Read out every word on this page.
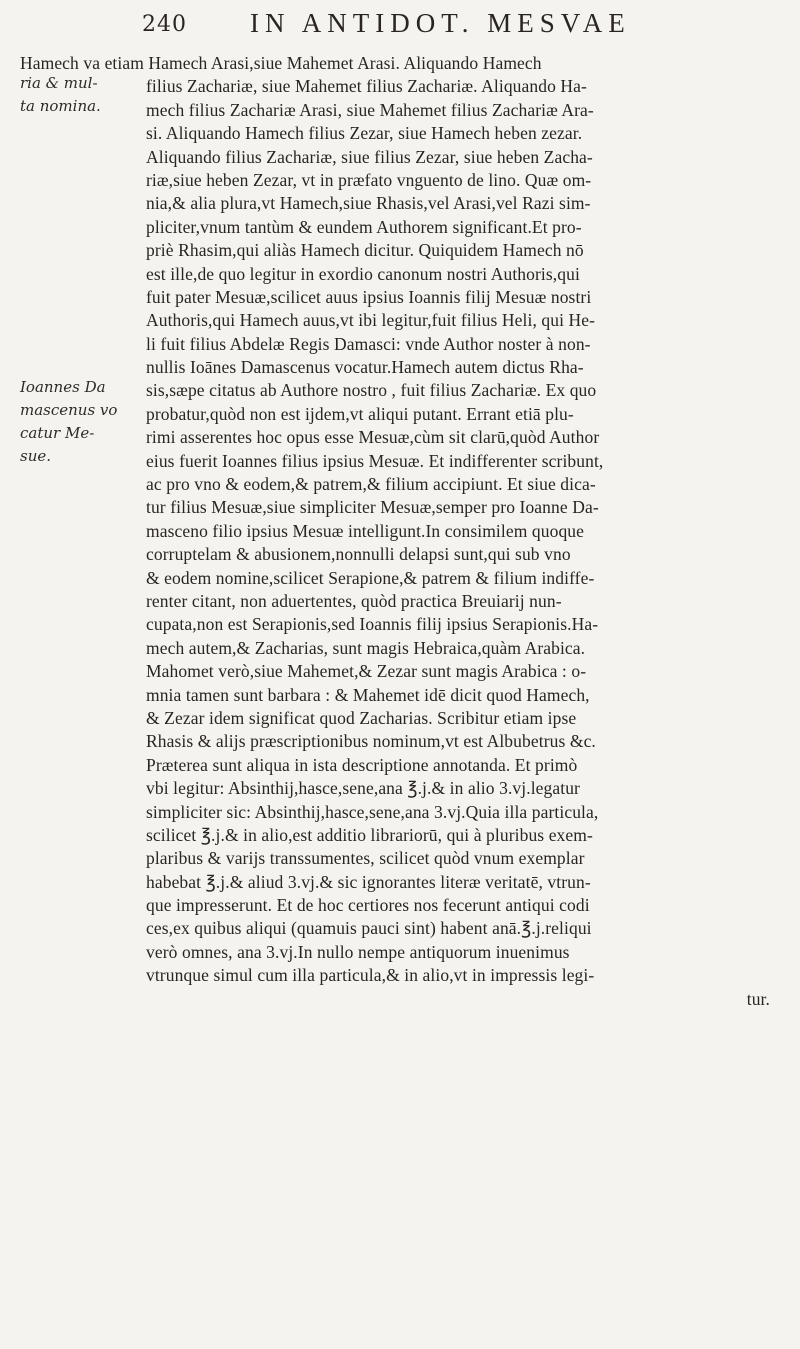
240 IN ANTIDOT. MESVAE
ria & mul-
ta nomina.
Ioannes Da
mascenus vo
catur Me-
sue.
Hamech va etiam Hamech Arasi,siue Mahemet Arasi. Aliquando Hamech
filius Zachariæ, siue Mahemet filius Zachariæ. Aliquando Ha-
mech filius Zachariæ Arasi, siue Mahemet filius Zachariæ Ara-
si. Aliquando Hamech filius Zezar, siue Hamech heben zezar.
Aliquando filius Zachariæ, siue filius Zezar, siue heben Zacha-
riæ,siue heben Zezar, vt in præfato vnguento de lino. Quæ om-
nia,& alia plura,vt Hamech,siue Rhasis,vel Arasi,vel Razi sim-
pliciter,vnum tantùm & eundem Authorem significant.Et pro-
priè Rhasim,qui aliàs Hamech dicitur. Quiquidem Hamech nō
est ille,de quo legitur in exordio canonum nostri Authoris,qui
fuit pater Mesuæ,scilicet auus ipsius Ioannis filij Mesuæ nostri
Authoris,qui Hamech auus,vt ibi legitur,fuit filius Heli, qui He-
li fuit filius Abdelæ Regis Damasci: vnde Author noster à non-
nullis Ioānes Damascenus vocatur.Hamech autem dictus Rha-
sis,sæpe citatus ab Authore nostro , fuit filius Zachariæ. Ex quo
probatur,quòd non est ijdem,vt aliqui putant. Errant etiā plu-
rimi asserentes hoc opus esse Mesuæ,cùm sit clarū,quòd Author
eius fuerit Ioannes filius ipsius Mesuæ. Et indifferenter scribunt,
ac pro vno & eodem,& patrem,& filium accipiunt. Et siue dica-
tur filius Mesuæ,siue simpliciter Mesuæ,semper pro Ioanne Da-
masceno filio ipsius Mesuæ intelligunt.In consimilem quoque
corruptelam & abusionem,nonnulli delapsi sunt,qui sub vno
& eodem nomine,scilicet Serapione,& patrem & filium indiffe-
renter citant, non aduertentes, quòd practica Breuiarij nun-
cupata,non est Serapionis,sed Ioannis filij ipsius Serapionis.Ha-
mech autem,& Zacharias, sunt magis Hebraica,quàm Arabica.
Mahomet verò,siue Mahemet,& Zezar sunt magis Arabica : o-
mnia tamen sunt barbara : & Mahemet idē dicit quod Hamech,
& Zezar idem significat quod Zacharias. Scribitur etiam ipse
Rhasis & alijs præscriptionibus nominum,vt est Albubetrus &c.
Præterea sunt aliqua in ista descriptione annotanda. Et primò
vbi legitur: Absinthij,hasce,sene,ana ℥.j.& in alio 3.vj.legatur
simpliciter sic: Absinthij,hasce,sene,ana 3.vj.Quia illa particula,
scilicet ℥.j.& in alio,est additio librariorū, qui à pluribus exem-
plaribus & varijs transsumentes, scilicet quòd vnum exemplar
habebat ℥.j.& aliud 3.vj.& sic ignorantes literæ veritatē, vtrun-
que impresserunt. Et de hoc certiores nos fecerunt antiqui codi
ces,ex quibus aliqui (quamuis pauci sint) habent anā.℥.j.reliqui
verò omnes, ana 3.vj.In nullo nempe antiquorum inuenimus
vtrunque simul cum illa particula,& in alio,vt in impressis legi-
tur.
